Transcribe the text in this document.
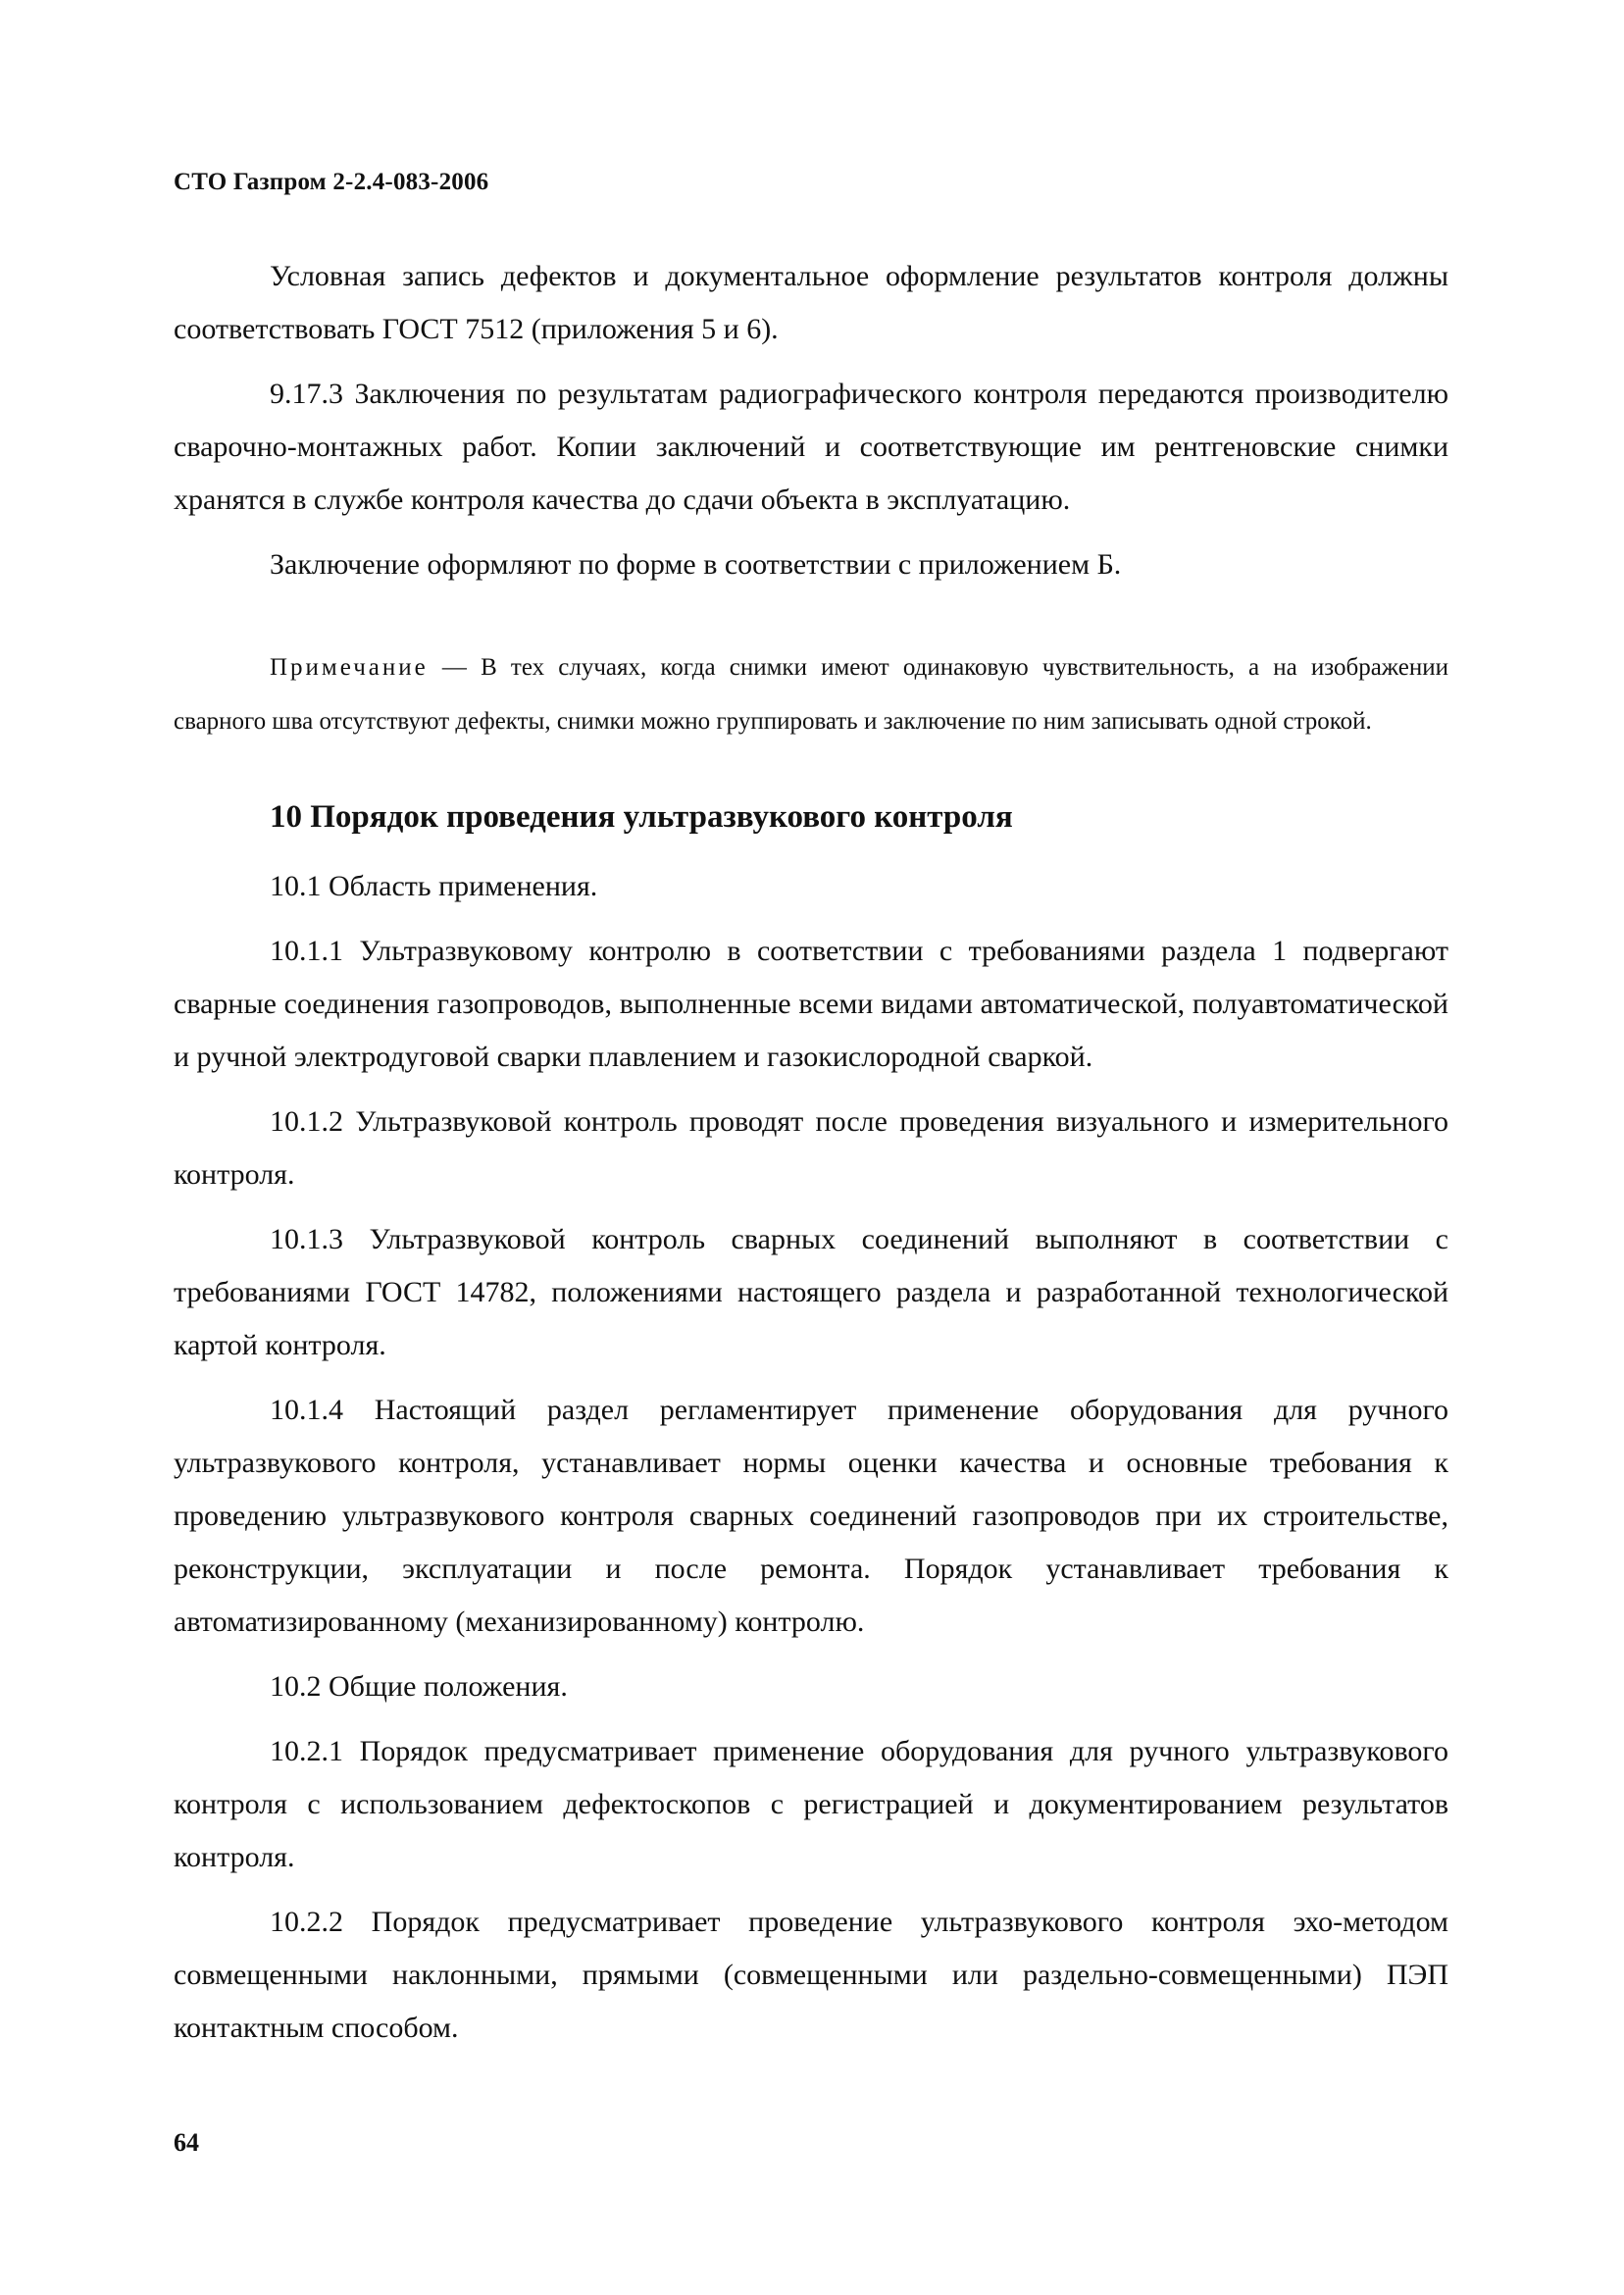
СТО Газпром 2-2.4-083-2006

Условная запись дефектов и документальное оформление результатов контроля должны соответствовать ГОСТ 7512 (приложения 5 и 6).

9.17.3 Заключения по результатам радиографического контроля передаются производителю сварочно-монтажных работ. Копии заключений и соответствующие им рентгеновские снимки хранятся в службе контроля качества до сдачи объекта в эксплуатацию.

Заключение оформляют по форме в соответствии с приложением Б.

Примечание — В тех случаях, когда снимки имеют одинаковую чувствительность, а на изображении сварного шва отсутствуют дефекты, снимки можно группировать и заключение по ним записывать одной строкой.

10 Порядок проведения ультразвукового контроля

10.1 Область применения.

10.1.1 Ультразвуковому контролю в соответствии с требованиями раздела 1 подвергают сварные соединения газопроводов, выполненные всеми видами автоматической, полуавтоматической и ручной электродуговой сварки плавлением и газокислородной сваркой.

10.1.2 Ультразвуковой контроль проводят после проведения визуального и измерительного контроля.

10.1.3 Ультразвуковой контроль сварных соединений выполняют в соответствии с требованиями ГОСТ 14782, положениями настоящего раздела и разработанной технологической картой контроля.

10.1.4 Настоящий раздел регламентирует применение оборудования для ручного ультразвукового контроля, устанавливает нормы оценки качества и основные требования к проведению ультразвукового контроля сварных соединений газопроводов при их строительстве, реконструкции, эксплуатации и после ремонта. Порядок устанавливает требования к автоматизированному (механизированному) контролю.

10.2 Общие положения.

10.2.1 Порядок предусматривает применение оборудования для ручного ультразвукового контроля с использованием дефектоскопов с регистрацией и документированием результатов контроля.

10.2.2 Порядок предусматривает проведение ультразвукового контроля эхо-методом совмещенными наклонными, прямыми (совмещенными или раздельно-совмещенными) ПЭП контактным способом.

64
